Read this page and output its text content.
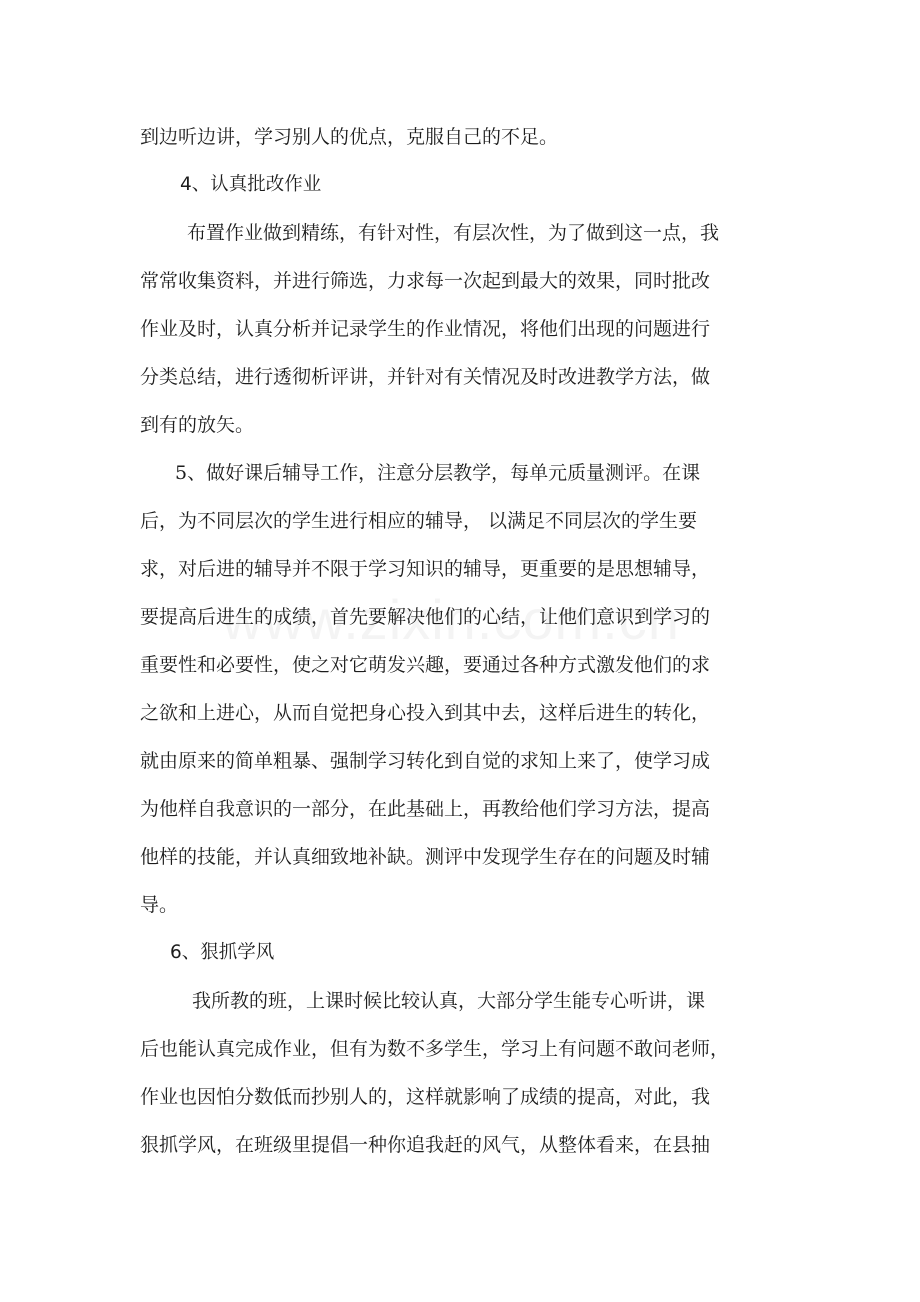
到边听边讲，学习别人的优点，克服自己的不足。
4、认真批改作业
布置作业做到精练，有针对性，有层次性，为了做到这一点，我
常常收集资料，并进行筛选，力求每一次起到最大的效果，同时批改
作业及时，认真分析并记录学生的作业情况，将他们出现的问题进行
分类总结，进行透彻析评讲，并针对有关情况及时改进教学方法，做
到有的放矢。
5、做好课后辅导工作，注意分层教学，每单元质量测评。在课
后，为不同层次的学生进行相应的辅导， 以满足不同层次的学生要
求，对后进的辅导并不限于学习知识的辅导，更重要的是思想辅导，
要提高后进生的成绩，首先要解决他们的心结，让他们意识到学习的
重要性和必要性，使之对它萌发兴趣，要通过各种方式激发他们的求
之欲和上进心，从而自觉把身心投入到其中去，这样后进生的转化，
就由原来的简单粗暴、强制学习转化到自觉的求知上来了，使学习成
为他样自我意识的一部分，在此基础上，再教给他们学习方法，提高
他样的技能，并认真细致地补缺。测评中发现学生存在的问题及时辅
导。
6、狠抓学风
我所教的班，上课时候比较认真，大部分学生能专心听讲，课
后也能认真完成作业，但有为数不多学生，学习上有问题不敢问老师，
作业也因怕分数低而抄别人的，这样就影响了成绩的提高，对此，我
狠抓学风，在班级里提倡一种你追我赶的风气，从整体看来，在县抽
